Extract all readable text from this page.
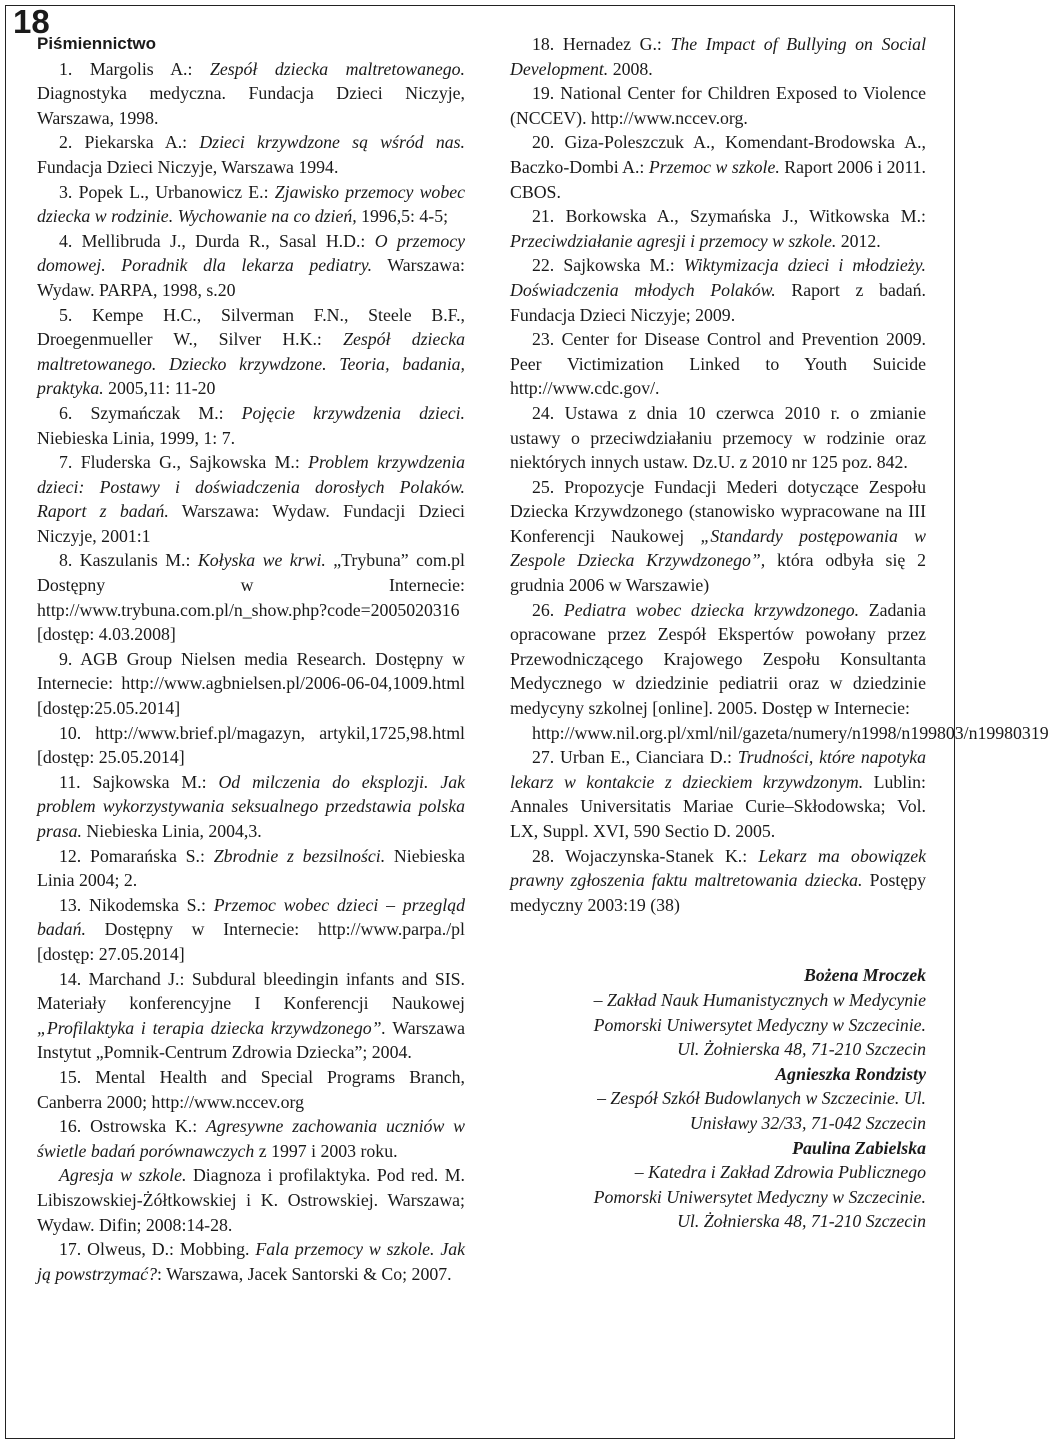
18
Piśmiennictwo

1. Margolis A.: Zespół dziecka maltretowanego. Diagnostyka medyczna. Fundacja Dzieci Niczyje, Warszawa, 1998.

2. Piekarska A.: Dzieci krzywdzone są wśród nas. Fundacja Dzieci Niczyje, Warszawa 1994.

3. Popek L., Urbanowicz E.: Zjawisko przemocy wobec dziecka w rodzinie. Wychowanie na co dzień, 1996,5: 4-5;

4. Mellibruda J., Durda R., Sasal H.D.: O przemocy domowej. Poradnik dla lekarza pediatry. Warszawa: Wydaw. PARPA, 1998, s.20

5. Kempe H.C., Silverman F.N., Steele B.F., Droegenmueller W., Silver H.K.: Zespół dziecka maltretowanego. Dziecko krzywdzone. Teoria, badania, praktyka. 2005,11: 11-20

6. Szymańczak M.: Pojęcie krzywdzenia dzieci. Niebieska Linia, 1999, 1: 7.

7. Fluderska G., Sajkowska M.: Problem krzywdzenia dzieci: Postawy i doświadczenia dorosłych Polaków. Raport z badań. Warszawa: Wydaw. Fundacji Dzieci Niczyje, 2001:1

8. Kaszulanis M.: Kołyska we krwi. „Trybuna” com.pl Dostępny w Internecie: http://www.trybuna.com.pl/n_show.php?code=2005020316 [dostęp: 4.03.2008]

9. AGB Group Nielsen media Research. Dostępny w Internecie: http://www.agbnielsen.pl/2006-06-04,1009.html [dostęp:25.05.2014]

10. http://www.brief.pl/magazyn, artykil,1725,98.html [dostęp: 25.05.2014]

11. Sajkowska M.: Od milczenia do eksplozji. Jak problem wykorzystywania seksualnego przedstawia polska prasa. Niebieska Linia, 2004,3.

12. Pomarańska S.: Zbrodnie z bezsilności. Niebieska Linia 2004; 2.

13. Nikodemska S.: Przemoc wobec dzieci – przegląd badań. Dostępny w Internecie: http://www.parpa./pl [dostęp: 27.05.2014]

14. Marchand J.: Subdural bleedingin infants and SIS. Materiały konferencyjne I Konferencji Naukowej „Profilaktyka i terapia dziecka krzywdzonego”. Warszawa Instytut „Pomnik-Centrum Zdrowia Dziecka”; 2004.

15. Mental Health and Special Programs Branch, Canberra 2000; http://www.nccev.org

16. Ostrowska K.: Agresywne zachowania uczniów w świetle badań porównawczych z 1997 i 2003 roku.

Agresja w szkole. Diagnoza i profilaktyka. Pod red. M. Libiszowskiej-Żółtkowskiej i K. Ostrowskiej. Warszawa; Wydaw. Difin; 2008:14-28.

17. Olweus, D.: Mobbing. Fala przemocy w szkole. Jak ją powstrzymać?: Warszawa, Jacek Santorski & Co; 2007.

18. Hernadez G.: The Impact of Bullying on Social Development. 2008.

19. National Center for Children Exposed to Violence (NCCEV). http://www.nccev.org.

20. Giza-Poleszczuk A., Komendant-Brodowska A., Baczko-Dombi A.: Przemoc w szkole. Raport 2006 i 2011. CBOS.

21. Borkowska A., Szymańska J., Witkowska M.: Przeciwdziałanie agresji i przemocy w szkole. 2012.

22. Sajkowska M.: Wiktymizacja dzieci i młodzieży. Doświadczenia młodych Polaków. Raport z badań. Fundacja Dzieci Niczyje; 2009.

23. Center for Disease Control and Prevention 2009. Peer Victimization Linked to Youth Suicide http://www.cdc.gov/.

24. Ustawa z dnia 10 czerwca 2010 r. o zmianie ustawy o przeciwdziałaniu przemocy w rodzinie oraz niektórych innych ustaw. Dz.U. z 2010 nr 125 poz. 842.

25. Propozycje Fundacji Mederi dotyczące Zespołu Dziecka Krzywdzonego (stanowisko wypracowane na III Konferencji Naukowej „Standardy postępowania w Zespole Dziecka Krzywdzonego”, która odbyła się 2 grudnia 2006 w Warszawie)

26. Pediatra wobec dziecka krzywdzonego. Zadania opracowane przez Zespół Ekspertów powołany przez Przewodniczącego Krajowego Zespołu Konsultanta Medycznego w dziedzinie pediatrii oraz w dziedzinie medycyny szkolnej [online]. 2005. Dostęp w Internecie:

http://www.nil.org.pl/xml/nil/gazeta/numery/n1998/n199803/n19980319

27. Urban E., Cianciara D.: Trudności, które napotyka lekarz w kontakcie z dzieckiem krzywdzonym. Lublin: Annales Universitatis Mariae Curie–Skłodowska; Vol. LX, Suppl. XVI, 590 Sectio D. 2005.

28. Wojaczynska-Stanek K.: Lekarz ma obowiązek prawny zgłoszenia faktu maltretowania dziecka. Postępy medyczny 2003:19 (38)

Bożena Mroczek
– Zakład Nauk Humanistycznych w Medycynie
Pomorski Uniwersytet Medyczny w Szczecinie.
Ul. Żołnierska 48, 71-210 Szczecin
Agnieszka Rondzisty
– Zespół Szkół Budowlanych w Szczecinie. Ul.
Unisławy 32/33, 71-042 Szczecin
Paulina Zabielska
– Katedra i Zakład Zdrowia Publicznego
Pomorski Uniwersytet Medyczny w Szczecinie.
Ul. Żołnierska 48, 71-210 Szczecin
